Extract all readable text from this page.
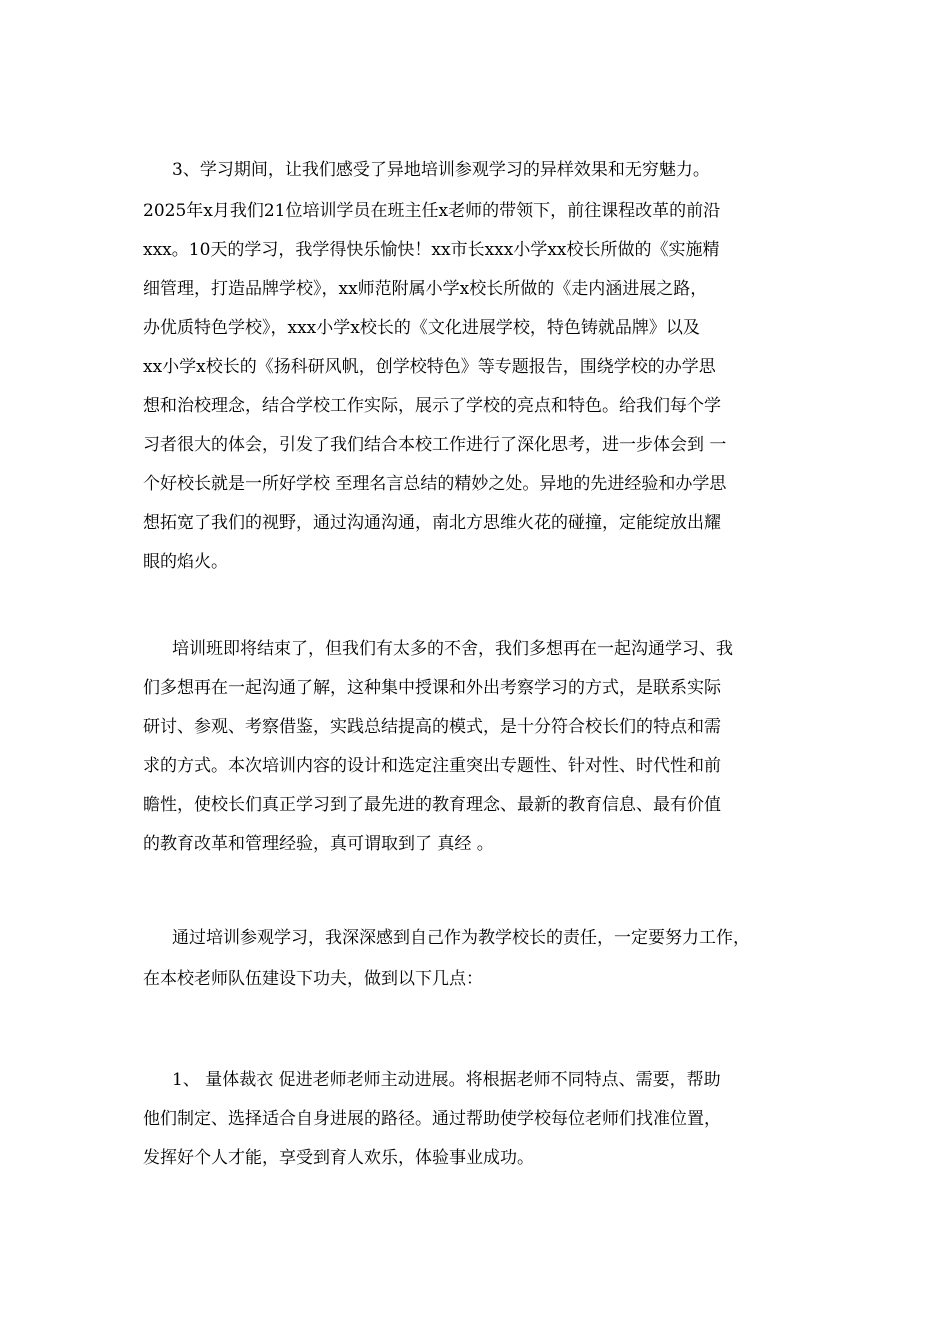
3、学习期间，让我们感受了异地培训参观学习的异样效果和无穷魅力。
2025年x月我们21位培训学员在班主任x老师的带领下，前往课程改革的前沿
xxx。10天的学习，我学得快乐愉快！xx市长xxx小学xx校长所做的《实施精
细管理，打造品牌学校》，xx师范附属小学x校长所做的《走内涵进展之路，
办优质特色学校》，xxx小学x校长的《文化进展学校，特色铸就品牌》以及
xx小学x校长的《扬科研风帆，创学校特色》等专题报告，围绕学校的办学思
想和治校理念，结合学校工作实际，展示了学校的亮点和特色。给我们每个学
习者很大的体会，引发了我们结合本校工作进行了深化思考，进一步体会到 一
个好校长就是一所好学校 至理名言总结的精妙之处。异地的先进经验和办学思
想拓宽了我们的视野，通过沟通沟通，南北方思维火花的碰撞，定能绽放出耀
眼的焰火。
培训班即将结束了，但我们有太多的不舍，我们多想再在一起沟通学习、我
们多想再在一起沟通了解，这种集中授课和外出考察学习的方式，是联系实际
研讨、参观、考察借鉴，实践总结提高的模式，是十分符合校长们的特点和需
求的方式。本次培训内容的设计和选定注重突出专题性、针对性、时代性和前
瞻性，使校长们真正学习到了最先进的教育理念、最新的教育信息、最有价值
的教育改革和管理经验，真可谓取到了 真经 。
通过培训参观学习，我深深感到自己作为教学校长的责任，一定要努力工作，
在本校老师队伍建设下功夫，做到以下几点：
1、 量体裁衣 促进老师老师主动进展。将根据老师不同特点、需要，帮助
他们制定、选择适合自身进展的路径。通过帮助使学校每位老师们找准位置，
发挥好个人才能，享受到育人欢乐，体验事业成功。
